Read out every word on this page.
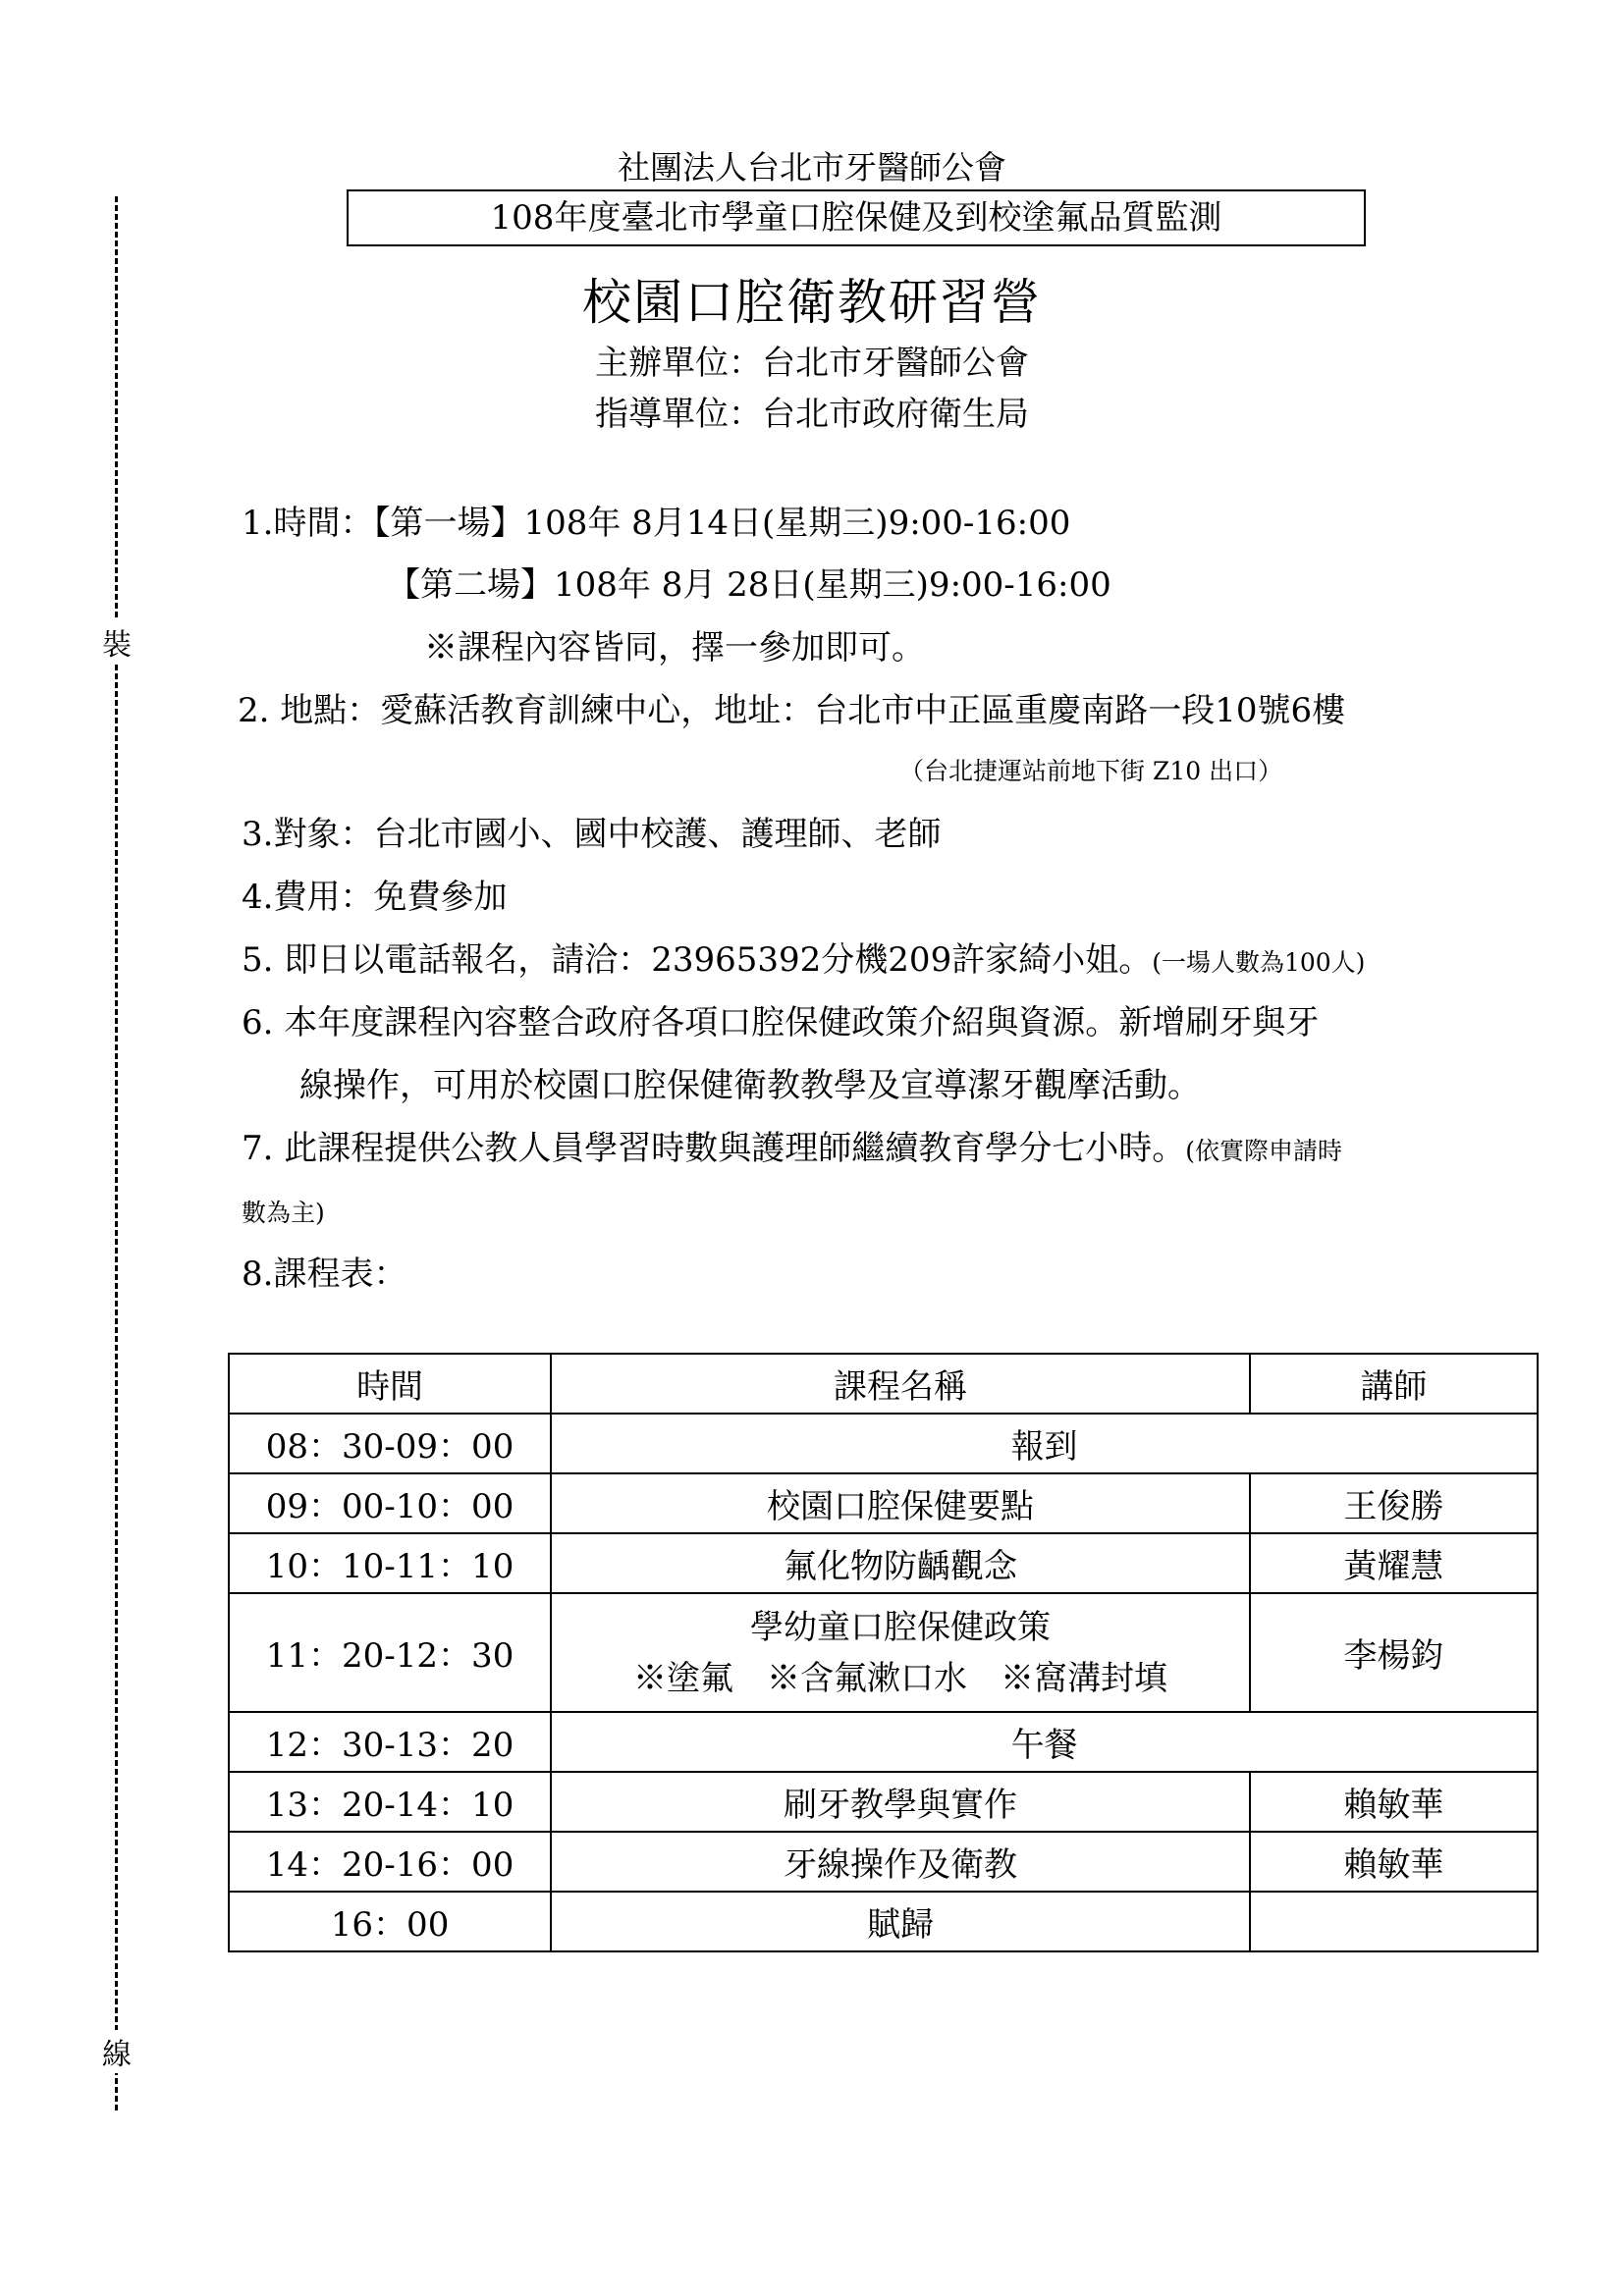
裝
線
社團法人台北市牙醫師公會
108年度臺北市學童口腔保健及到校塗氟品質監測
校園口腔衛教研習營
主辦單位：台北市牙醫師公會
指導單位：台北市政府衛生局
1.時間：【第一場】108年 8月14日(星期三)9:00-16:00
【第二場】108年 8月 28日(星期三)9:00-16:00
※課程內容皆同，擇一參加即可。
2. 地點：愛蘇活教育訓練中心，地址：台北市中正區重慶南路一段10號6樓
（台北捷運站前地下街 Z10 出口）
3.對象：台北市國小、國中校護、護理師、老師
4.費用：免費參加
5. 即日以電話報名，請洽：23965392分機209許家綺小姐。(一場人數為100人)
6. 本年度課程內容整合政府各項口腔保健政策介紹與資源。新增刷牙與牙
線操作，可用於校園口腔保健衛教教學及宣導潔牙觀摩活動。
7. 此課程提供公教人員學習時數與護理師繼續教育學分七小時。(依實際申請時
數為主)
8.課程表：
時間	課程名稱	講師
08：30-09：00	報到	
09：00-10：00	校園口腔保健要點	王俊勝
10：10-11：10	氟化物防齲觀念	黃耀慧
11：20-12：30	學幼童口腔保健政策
※塗氟　※含氟漱口水　※窩溝封填	李楊鈞
12：30-13：20	午餐	
13：20-14：10	刷牙教學與實作	賴敏華
14：20-16：00	牙線操作及衛教	賴敏華
16：00	賦歸	
